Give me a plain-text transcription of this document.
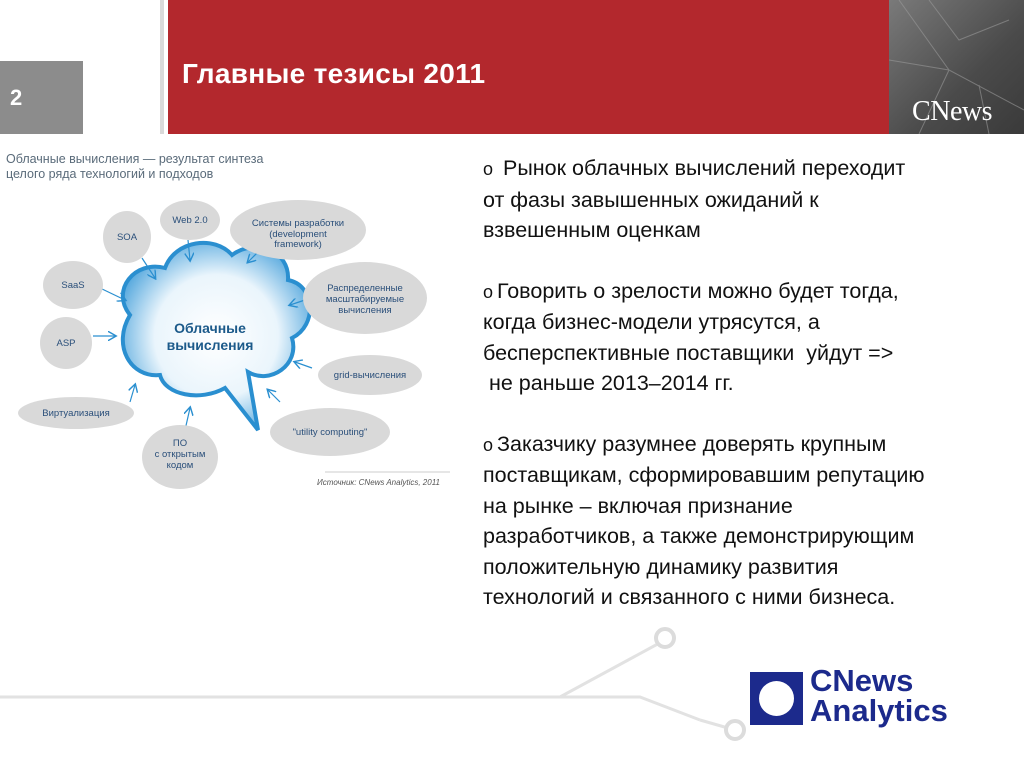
2
Главные тезисы 2011
CNews
Облачные вычисления — результат синтеза
целого ряда технологий и подходов
Облачные
вычисления
SOA
Web 2.0	Системы разработки
(development
framework)
SaaS	Распределенные
масштабируемые
вычисления
ASP
grid-вычисления
Виртуализация
"utility computing"
ПО
с открытым
кодом
Источник: CNews Analytics, 2011
o Рынок облачных вычислений переходит
от фазы завышенных ожиданий к
взвешенным оценкам
o Говорить о зрелости можно будет тогда,
когда бизнес-модели утрясутся, а
бесперспективные поставщики  уйдут =>
не раньше 2013–2014 гг.
o Заказчику разумнее доверять крупным
поставщикам, сформировавшим репутацию
на рынке – включая признание
разработчиков, а также демонстрирующим
положительную динамику развития
технологий и связанного с ними бизнеса.
CNews
Analytics
